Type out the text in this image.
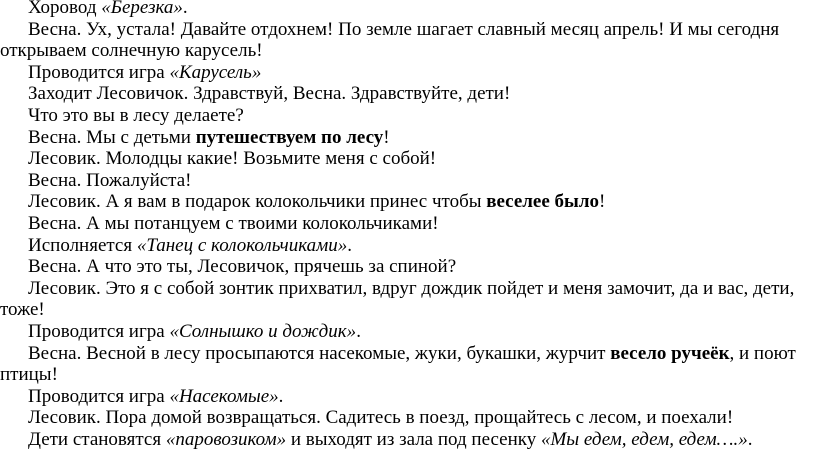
Хоровод «Березка».
Весна. Ух, устала! Давайте отдохнем! По земле шагает славный месяц апрель! И мы сегодня
открываем солнечную карусель!
Проводится игра «Карусель»
Заходит Лесовичок. Здравствуй, Весна. Здравствуйте, дети!
Что это вы в лесу делаете?
Весна. Мы с детьми путешествуем по лесу!
Лесовик. Молодцы какие! Возьмите меня с собой!
Весна. Пожалуйста!
Лесовик. А я вам в подарок колокольчики принес чтобы веселее было!
Весна. А мы потанцуем с твоими колокольчиками!
Исполняется «Танец с колокольчиками».
Весна. А что это ты, Лесовичок, прячешь за спиной?
Лесовик. Это я с собой зонтик прихватил, вдруг дождик пойдет и меня замочит, да и вас, дети,
тоже!
Проводится игра «Солнышко и дождик».
Весна. Весной в лесу просыпаются насекомые, жуки, букашки, журчит весело ручеёк, и поют
птицы!
Проводится игра «Насекомые».
Лесовик. Пора домой возвращаться. Садитесь в поезд, прощайтесь с лесом, и поехали!
Дети становятся «паровозиком» и выходят из зала под песенку «Мы едем, едем, едем….».
